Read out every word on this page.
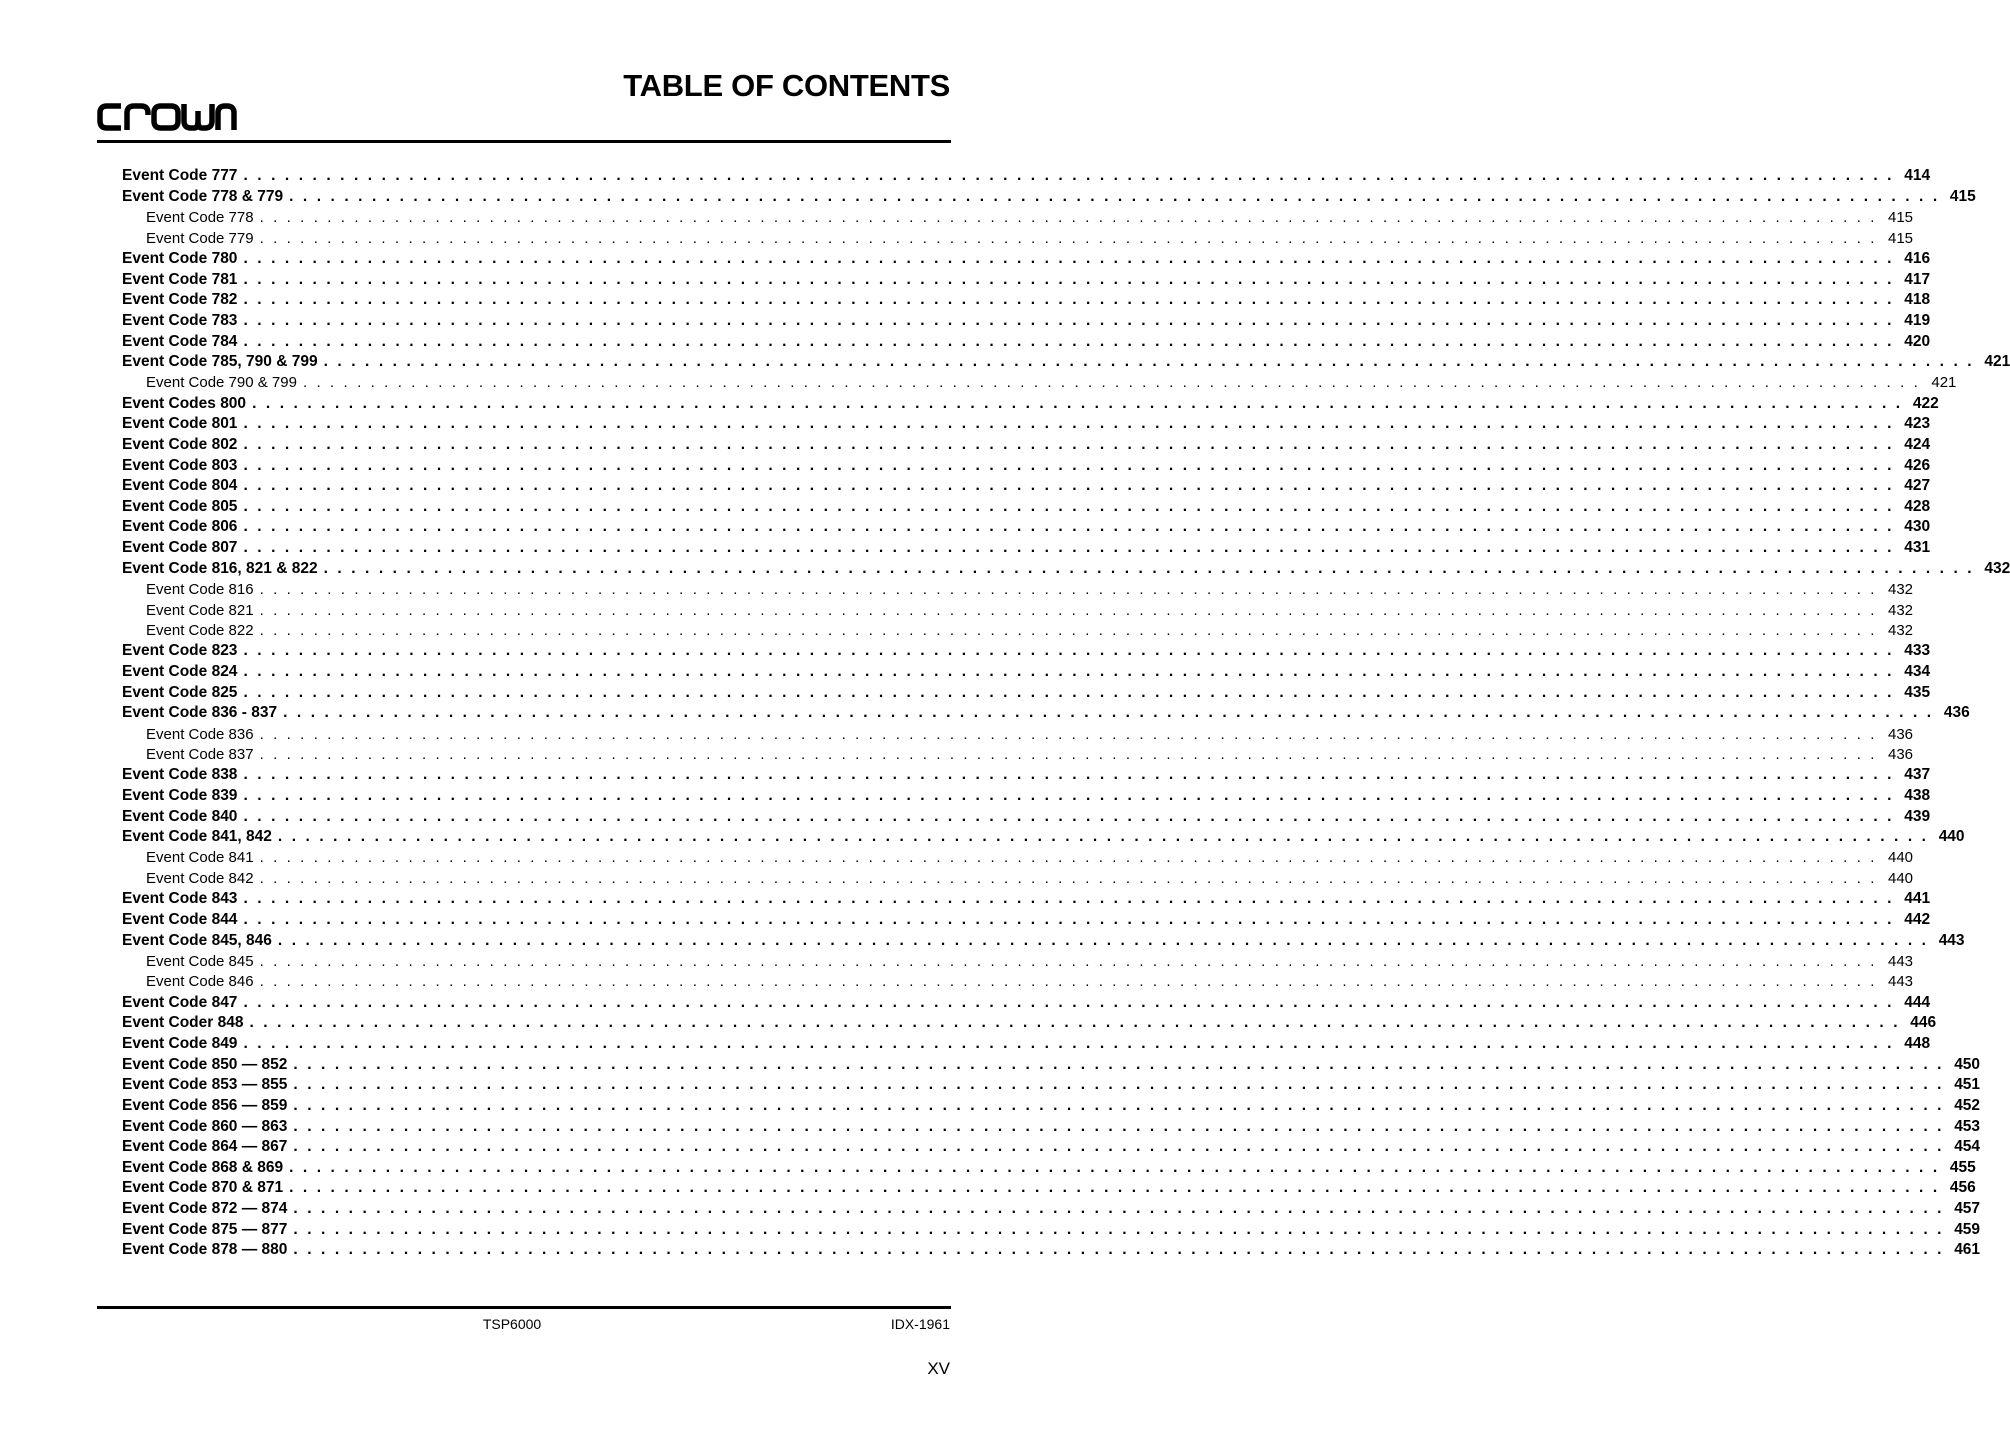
TABLE OF CONTENTS
Event Code 777 . . . . . . . . . . . . . . . . . . . . . . . . . . . . . . . . . . . . . . . . . . . . . . . . . . . . . . . . . . . . . . . . . . . . . . . . . . . . . . . . . . . . . . . . . . . . . . . . . . . . . . . . . . . . . . . . . . . . . . . . 414
Event Code 778 & 779 . . . . . . . . . . . . . . . . . . . . . . . . . . . . . . . . . . . . . . . . . . . . . . . . . . . . . . . . . . . . . . . . . . . . . . . . . . . . . . . . . . . . . . . . . . . . . . . . . . . . . . . . . . . . . . . . . . . . . . . . 415
Event Code 778 . . . . . . . . . . . . . . . . . . . . . . . . . . . . . . . . . . . . . . . . . . . . . . . . . . . . . . . . . . . . . . . . . . . . . . . . . . . . . . . . . . . . . . . . . . . . . . . . . . . . . . . . . . . . . . . . . . . . . . . . 415
Event Code 779 . . . . . . . . . . . . . . . . . . . . . . . . . . . . . . . . . . . . . . . . . . . . . . . . . . . . . . . . . . . . . . . . . . . . . . . . . . . . . . . . . . . . . . . . . . . . . . . . . . . . . . . . . . . . . . . . . . . . . . . . 415
Event Code 780 . . . . . . . . . . . . . . . . . . . . . . . . . . . . . . . . . . . . . . . . . . . . . . . . . . . . . . . . . . . . . . . . . . . . . . . . . . . . . . . . . . . . . . . . . . . . . . . . . . . . . . . . . . . . . . . . . . . . . . . . 416
Event Code 781 . . . . . . . . . . . . . . . . . . . . . . . . . . . . . . . . . . . . . . . . . . . . . . . . . . . . . . . . . . . . . . . . . . . . . . . . . . . . . . . . . . . . . . . . . . . . . . . . . . . . . . . . . . . . . . . . . . . . . . . . 417
Event Code 782 . . . . . . . . . . . . . . . . . . . . . . . . . . . . . . . . . . . . . . . . . . . . . . . . . . . . . . . . . . . . . . . . . . . . . . . . . . . . . . . . . . . . . . . . . . . . . . . . . . . . . . . . . . . . . . . . . . . . . . . . 418
Event Code 783 . . . . . . . . . . . . . . . . . . . . . . . . . . . . . . . . . . . . . . . . . . . . . . . . . . . . . . . . . . . . . . . . . . . . . . . . . . . . . . . . . . . . . . . . . . . . . . . . . . . . . . . . . . . . . . . . . . . . . . . . 419
Event Code 784 . . . . . . . . . . . . . . . . . . . . . . . . . . . . . . . . . . . . . . . . . . . . . . . . . . . . . . . . . . . . . . . . . . . . . . . . . . . . . . . . . . . . . . . . . . . . . . . . . . . . . . . . . . . . . . . . . . . . . . . . 420
Event Code 785, 790 & 799 . . . . . . . . . . . . . . . . . . . . . . . . . . . . . . . . . . . . . . . . . . . . . . . . . . . . . . . . . . . . . . . . . . . . . . . . . . . . . . . . . . . . . . . . . . . . . . . . . . . . . . . . . . . . . . . . . . . . . . . . 421
Event Code 790 & 799 . . . . . . . . . . . . . . . . . . . . . . . . . . . . . . . . . . . . . . . . . . . . . . . . . . . . . . . . . . . . . . . . . . . . . . . . . . . . . . . . . . . . . . . . . . . . . . . . . . . . . . . . . . . . . . . . . . . . . . . . 421
Event Codes 800 . . . . . . . . . . . . . . . . . . . . . . . . . . . . . . . . . . . . . . . . . . . . . . . . . . . . . . . . . . . . . . . . . . . . . . . . . . . . . . . . . . . . . . . . . . . . . . . . . . . . . . . . . . . . . . . . . . . . . . . . 422
Event Code 801 . . . . . . . . . . . . . . . . . . . . . . . . . . . . . . . . . . . . . . . . . . . . . . . . . . . . . . . . . . . . . . . . . . . . . . . . . . . . . . . . . . . . . . . . . . . . . . . . . . . . . . . . . . . . . . . . . . . . . . . . 423
Event Code 802 . . . . . . . . . . . . . . . . . . . . . . . . . . . . . . . . . . . . . . . . . . . . . . . . . . . . . . . . . . . . . . . . . . . . . . . . . . . . . . . . . . . . . . . . . . . . . . . . . . . . . . . . . . . . . . . . . . . . . . . . 424
Event Code 803 . . . . . . . . . . . . . . . . . . . . . . . . . . . . . . . . . . . . . . . . . . . . . . . . . . . . . . . . . . . . . . . . . . . . . . . . . . . . . . . . . . . . . . . . . . . . . . . . . . . . . . . . . . . . . . . . . . . . . . . . 426
Event Code 804 . . . . . . . . . . . . . . . . . . . . . . . . . . . . . . . . . . . . . . . . . . . . . . . . . . . . . . . . . . . . . . . . . . . . . . . . . . . . . . . . . . . . . . . . . . . . . . . . . . . . . . . . . . . . . . . . . . . . . . . . 427
Event Code 805 . . . . . . . . . . . . . . . . . . . . . . . . . . . . . . . . . . . . . . . . . . . . . . . . . . . . . . . . . . . . . . . . . . . . . . . . . . . . . . . . . . . . . . . . . . . . . . . . . . . . . . . . . . . . . . . . . . . . . . . . 428
Event Code 806 . . . . . . . . . . . . . . . . . . . . . . . . . . . . . . . . . . . . . . . . . . . . . . . . . . . . . . . . . . . . . . . . . . . . . . . . . . . . . . . . . . . . . . . . . . . . . . . . . . . . . . . . . . . . . . . . . . . . . . . . 430
Event Code 807 . . . . . . . . . . . . . . . . . . . . . . . . . . . . . . . . . . . . . . . . . . . . . . . . . . . . . . . . . . . . . . . . . . . . . . . . . . . . . . . . . . . . . . . . . . . . . . . . . . . . . . . . . . . . . . . . . . . . . . . . 431
Event Code 816, 821 & 822 . . . . . . . . . . . . . . . . . . . . . . . . . . . . . . . . . . . . . . . . . . . . . . . . . . . . . . . . . . . . . . . . . . . . . . . . . . . . . . . . . . . . . . . . . . . . . . . . . . . . . . . . . . . . . . . . . . . . . . . . 432
Event Code 816 . . . . . . . . . . . . . . . . . . . . . . . . . . . . . . . . . . . . . . . . . . . . . . . . . . . . . . . . . . . . . . . . . . . . . . . . . . . . . . . . . . . . . . . . . . . . . . . . . . . . . . . . . . . . . . . . . . . . . . . . 432
Event Code 821 . . . . . . . . . . . . . . . . . . . . . . . . . . . . . . . . . . . . . . . . . . . . . . . . . . . . . . . . . . . . . . . . . . . . . . . . . . . . . . . . . . . . . . . . . . . . . . . . . . . . . . . . . . . . . . . . . . . . . . . . 432
Event Code 822 . . . . . . . . . . . . . . . . . . . . . . . . . . . . . . . . . . . . . . . . . . . . . . . . . . . . . . . . . . . . . . . . . . . . . . . . . . . . . . . . . . . . . . . . . . . . . . . . . . . . . . . . . . . . . . . . . . . . . . . . 432
Event Code 823 . . . . . . . . . . . . . . . . . . . . . . . . . . . . . . . . . . . . . . . . . . . . . . . . . . . . . . . . . . . . . . . . . . . . . . . . . . . . . . . . . . . . . . . . . . . . . . . . . . . . . . . . . . . . . . . . . . . . . . . . 433
Event Code 824 . . . . . . . . . . . . . . . . . . . . . . . . . . . . . . . . . . . . . . . . . . . . . . . . . . . . . . . . . . . . . . . . . . . . . . . . . . . . . . . . . . . . . . . . . . . . . . . . . . . . . . . . . . . . . . . . . . . . . . . . 434
Event Code 825 . . . . . . . . . . . . . . . . . . . . . . . . . . . . . . . . . . . . . . . . . . . . . . . . . . . . . . . . . . . . . . . . . . . . . . . . . . . . . . . . . . . . . . . . . . . . . . . . . . . . . . . . . . . . . . . . . . . . . . . . 435
Event Code 836 - 837 . . . . . . . . . . . . . . . . . . . . . . . . . . . . . . . . . . . . . . . . . . . . . . . . . . . . . . . . . . . . . . . . . . . . . . . . . . . . . . . . . . . . . . . . . . . . . . . . . . . . . . . . . . . . . . . . . . . . . . . . 436
Event Code 836 . . . . . . . . . . . . . . . . . . . . . . . . . . . . . . . . . . . . . . . . . . . . . . . . . . . . . . . . . . . . . . . . . . . . . . . . . . . . . . . . . . . . . . . . . . . . . . . . . . . . . . . . . . . . . . . . . . . . . . . . 436
Event Code 837 . . . . . . . . . . . . . . . . . . . . . . . . . . . . . . . . . . . . . . . . . . . . . . . . . . . . . . . . . . . . . . . . . . . . . . . . . . . . . . . . . . . . . . . . . . . . . . . . . . . . . . . . . . . . . . . . . . . . . . . . 436
Event Code 838 . . . . . . . . . . . . . . . . . . . . . . . . . . . . . . . . . . . . . . . . . . . . . . . . . . . . . . . . . . . . . . . . . . . . . . . . . . . . . . . . . . . . . . . . . . . . . . . . . . . . . . . . . . . . . . . . . . . . . . . . 437
Event Code 839 . . . . . . . . . . . . . . . . . . . . . . . . . . . . . . . . . . . . . . . . . . . . . . . . . . . . . . . . . . . . . . . . . . . . . . . . . . . . . . . . . . . . . . . . . . . . . . . . . . . . . . . . . . . . . . . . . . . . . . . . 438
Event Code 840 . . . . . . . . . . . . . . . . . . . . . . . . . . . . . . . . . . . . . . . . . . . . . . . . . . . . . . . . . . . . . . . . . . . . . . . . . . . . . . . . . . . . . . . . . . . . . . . . . . . . . . . . . . . . . . . . . . . . . . . . 439
Event Code 841, 842 . . . . . . . . . . . . . . . . . . . . . . . . . . . . . . . . . . . . . . . . . . . . . . . . . . . . . . . . . . . . . . . . . . . . . . . . . . . . . . . . . . . . . . . . . . . . . . . . . . . . . . . . . . . . . . . . . . . . . . . . 440
Event Code 841 . . . . . . . . . . . . . . . . . . . . . . . . . . . . . . . . . . . . . . . . . . . . . . . . . . . . . . . . . . . . . . . . . . . . . . . . . . . . . . . . . . . . . . . . . . . . . . . . . . . . . . . . . . . . . . . . . . . . . . . . 440
Event Code 842 . . . . . . . . . . . . . . . . . . . . . . . . . . . . . . . . . . . . . . . . . . . . . . . . . . . . . . . . . . . . . . . . . . . . . . . . . . . . . . . . . . . . . . . . . . . . . . . . . . . . . . . . . . . . . . . . . . . . . . . . 440
Event Code 843 . . . . . . . . . . . . . . . . . . . . . . . . . . . . . . . . . . . . . . . . . . . . . . . . . . . . . . . . . . . . . . . . . . . . . . . . . . . . . . . . . . . . . . . . . . . . . . . . . . . . . . . . . . . . . . . . . . . . . . . . 441
Event Code 844 . . . . . . . . . . . . . . . . . . . . . . . . . . . . . . . . . . . . . . . . . . . . . . . . . . . . . . . . . . . . . . . . . . . . . . . . . . . . . . . . . . . . . . . . . . . . . . . . . . . . . . . . . . . . . . . . . . . . . . . . 442
Event Code 845, 846 . . . . . . . . . . . . . . . . . . . . . . . . . . . . . . . . . . . . . . . . . . . . . . . . . . . . . . . . . . . . . . . . . . . . . . . . . . . . . . . . . . . . . . . . . . . . . . . . . . . . . . . . . . . . . . . . . . . . . . . . 443
Event Code 845 . . . . . . . . . . . . . . . . . . . . . . . . . . . . . . . . . . . . . . . . . . . . . . . . . . . . . . . . . . . . . . . . . . . . . . . . . . . . . . . . . . . . . . . . . . . . . . . . . . . . . . . . . . . . . . . . . . . . . . . . 443
Event Code 846 . . . . . . . . . . . . . . . . . . . . . . . . . . . . . . . . . . . . . . . . . . . . . . . . . . . . . . . . . . . . . . . . . . . . . . . . . . . . . . . . . . . . . . . . . . . . . . . . . . . . . . . . . . . . . . . . . . . . . . . . 443
Event Code 847 . . . . . . . . . . . . . . . . . . . . . . . . . . . . . . . . . . . . . . . . . . . . . . . . . . . . . . . . . . . . . . . . . . . . . . . . . . . . . . . . . . . . . . . . . . . . . . . . . . . . . . . . . . . . . . . . . . . . . . . . 444
Event Coder 848 . . . . . . . . . . . . . . . . . . . . . . . . . . . . . . . . . . . . . . . . . . . . . . . . . . . . . . . . . . . . . . . . . . . . . . . . . . . . . . . . . . . . . . . . . . . . . . . . . . . . . . . . . . . . . . . . . . . . . . . . 446
Event Code 849 . . . . . . . . . . . . . . . . . . . . . . . . . . . . . . . . . . . . . . . . . . . . . . . . . . . . . . . . . . . . . . . . . . . . . . . . . . . . . . . . . . . . . . . . . . . . . . . . . . . . . . . . . . . . . . . . . . . . . . . . 448
Event Code 850 — 852 . . . . . . . . . . . . . . . . . . . . . . . . . . . . . . . . . . . . . . . . . . . . . . . . . . . . . . . . . . . . . . . . . . . . . . . . . . . . . . . . . . . . . . . . . . . . . . . . . . . . . . . . . . . . . . . . . . . . . . . . 450
Event Code 853 — 855 . . . . . . . . . . . . . . . . . . . . . . . . . . . . . . . . . . . . . . . . . . . . . . . . . . . . . . . . . . . . . . . . . . . . . . . . . . . . . . . . . . . . . . . . . . . . . . . . . . . . . . . . . . . . . . . . . . . . . . . . 451
Event Code 856 — 859 . . . . . . . . . . . . . . . . . . . . . . . . . . . . . . . . . . . . . . . . . . . . . . . . . . . . . . . . . . . . . . . . . . . . . . . . . . . . . . . . . . . . . . . . . . . . . . . . . . . . . . . . . . . . . . . . . . . . . . . . 452
Event Code 860 — 863 . . . . . . . . . . . . . . . . . . . . . . . . . . . . . . . . . . . . . . . . . . . . . . . . . . . . . . . . . . . . . . . . . . . . . . . . . . . . . . . . . . . . . . . . . . . . . . . . . . . . . . . . . . . . . . . . . . . . . . . . 453
Event Code 864 — 867 . . . . . . . . . . . . . . . . . . . . . . . . . . . . . . . . . . . . . . . . . . . . . . . . . . . . . . . . . . . . . . . . . . . . . . . . . . . . . . . . . . . . . . . . . . . . . . . . . . . . . . . . . . . . . . . . . . . . . . . . 454
Event Code 868 & 869 . . . . . . . . . . . . . . . . . . . . . . . . . . . . . . . . . . . . . . . . . . . . . . . . . . . . . . . . . . . . . . . . . . . . . . . . . . . . . . . . . . . . . . . . . . . . . . . . . . . . . . . . . . . . . . . . . . . . . . . . 455
Event Code 870 & 871 . . . . . . . . . . . . . . . . . . . . . . . . . . . . . . . . . . . . . . . . . . . . . . . . . . . . . . . . . . . . . . . . . . . . . . . . . . . . . . . . . . . . . . . . . . . . . . . . . . . . . . . . . . . . . . . . . . . . . . . . 456
Event Code 872 — 874 . . . . . . . . . . . . . . . . . . . . . . . . . . . . . . . . . . . . . . . . . . . . . . . . . . . . . . . . . . . . . . . . . . . . . . . . . . . . . . . . . . . . . . . . . . . . . . . . . . . . . . . . . . . . . . . . . . . . . . . . 457
Event Code 875 — 877 . . . . . . . . . . . . . . . . . . . . . . . . . . . . . . . . . . . . . . . . . . . . . . . . . . . . . . . . . . . . . . . . . . . . . . . . . . . . . . . . . . . . . . . . . . . . . . . . . . . . . . . . . . . . . . . . . . . . . . . . 459
Event Code 878 — 880 . . . . . . . . . . . . . . . . . . . . . . . . . . . . . . . . . . . . . . . . . . . . . . . . . . . . . . . . . . . . . . . . . . . . . . . . . . . . . . . . . . . . . . . . . . . . . . . . . . . . . . . . . . . . . . . . . . . . . . . . 461
TSP6000	IDX-1961
XV
